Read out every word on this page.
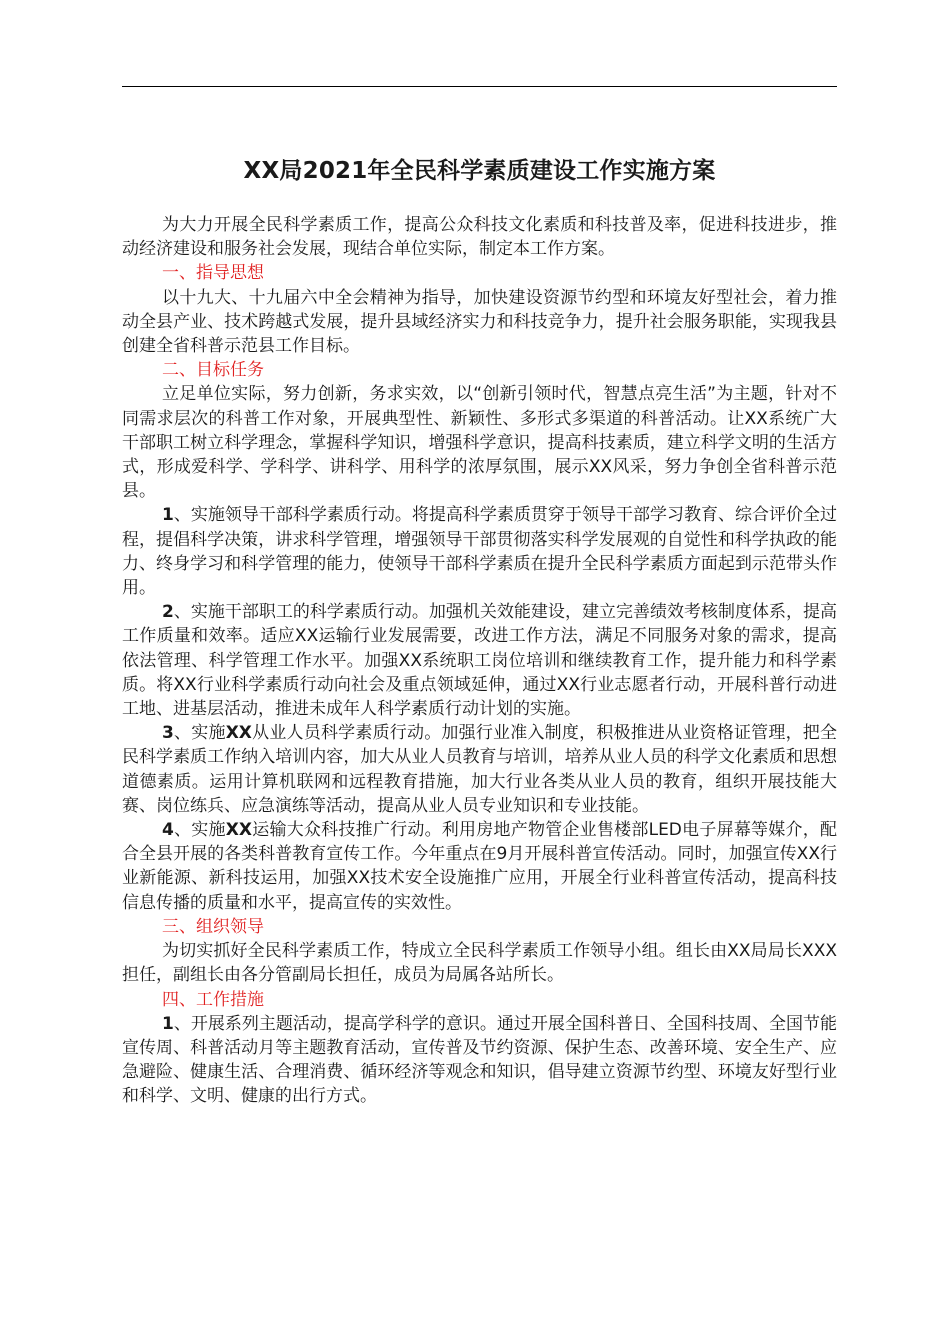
XX局2021年全民科学素质建设工作实施方案

为大力开展全民科学素质工作，提高公众科技文化素质和科技普及率，促进科技进步，推动经济建设和服务社会发展，现结合单位实际，制定本工作方案。

一、指导思想

以十九大、十九届六中全会精神为指导，加快建设资源节约型和环境友好型社会，着力推动全县产业、技术跨越式发展，提升县域经济实力和科技竞争力，提升社会服务职能，实现我县创建全省科普示范县工作目标。

二、目标任务

立足单位实际，努力创新，务求实效，以“创新引领时代，智慧点亮生活”为主题，针对不同需求层次的科普工作对象，开展典型性、新颖性、多形式多渠道的科普活动。让XX系统广大干部职工树立科学理念，掌握科学知识，增强科学意识，提高科技素质，建立科学文明的生活方式，形成爱科学、学科学、讲科学、用科学的浓厚氛围，展示XX风采，努力争创全省科普示范县。

1、实施领导干部科学素质行动。将提高科学素质贯穿于领导干部学习教育、综合评价全过程，提倡科学决策，讲求科学管理，增强领导干部贯彻落实科学发展观的自觉性和科学执政的能力、终身学习和科学管理的能力，使领导干部科学素质在提升全民科学素质方面起到示范带头作用。

2、实施干部职工的科学素质行动。加强机关效能建设，建立完善绩效考核制度体系，提高工作质量和效率。适应XX运输行业发展需要，改进工作方法，满足不同服务对象的需求，提高依法管理、科学管理工作水平。加强XX系统职工岗位培训和继续教育工作，提升能力和科学素质。将XX行业科学素质行动向社会及重点领域延伸，通过XX行业志愿者行动，开展科普行动进工地、进基层活动，推进未成年人科学素质行动计划的实施。

3、实施XX从业人员科学素质行动。加强行业准入制度，积极推进从业资格证管理，把全民科学素质工作纳入培训内容，加大从业人员教育与培训，培养从业人员的科学文化素质和思想道德素质。运用计算机联网和远程教育措施，加大行业各类从业人员的教育，组织开展技能大赛、岗位练兵、应急演练等活动，提高从业人员专业知识和专业技能。

4、实施XX运输大众科技推广行动。利用房地产物管企业售楼部LED电子屏幕等媒介，配合全县开展的各类科普教育宣传工作。今年重点在9月开展科普宣传活动。同时，加强宣传XX行业新能源、新科技运用，加强XX技术安全设施推广应用，开展全行业科普宣传活动，提高科技信息传播的质量和水平，提高宣传的实效性。

三、组织领导

为切实抓好全民科学素质工作，特成立全民科学素质工作领导小组。组长由XX局局长XXX担任，副组长由各分管副局长担任，成员为局属各站所长。

四、工作措施

1、开展系列主题活动，提高学科学的意识。通过开展全国科普日、全国科技周、全国节能宣传周、科普活动月等主题教育活动，宣传普及节约资源、保护生态、改善环境、安全生产、应急避险、健康生活、合理消费、循环经济等观念和知识，倡导建立资源节约型、环境友好型行业和科学、文明、健康的出行方式。
